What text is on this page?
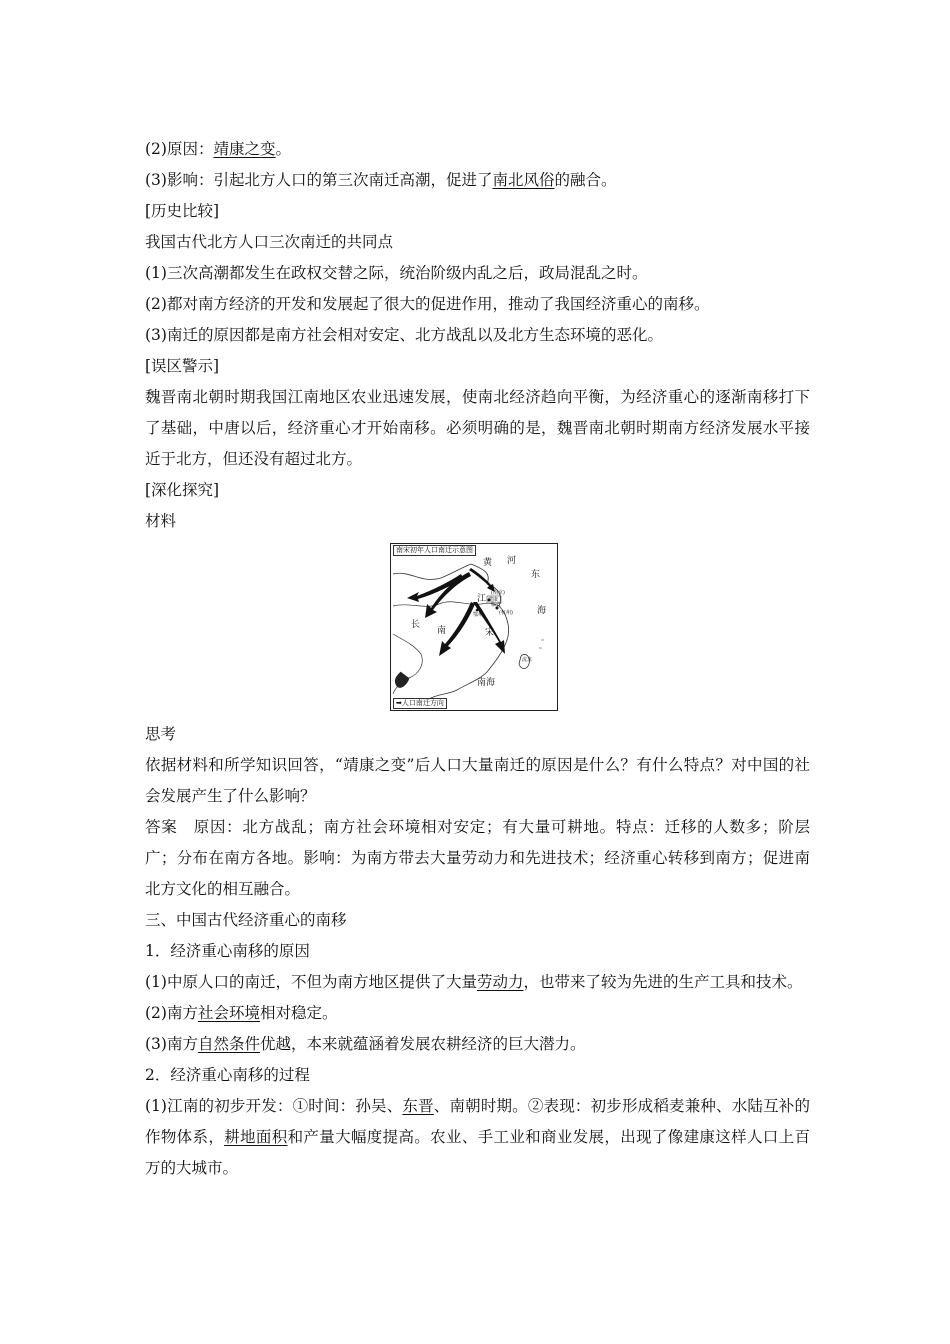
(2)原因：靖康之变。
(3)影响：引起北方人口的第三次南迁高潮，促进了南北风俗的融合。
[历史比较]
我国古代北方人口三次南迁的共同点
(1)三次高潮都发生在政权交替之际，统治阶级内乱之后，政局混乱之时。
(2)都对南方经济的开发和发展起了很大的促进作用，推动了我国经济重心的南移。
(3)南迁的原因都是南方社会相对安定、北方战乱以及北方生态环境的恶化。
[误区警示]
魏晋南北朝时期我国江南地区农业迅速发展，使南北经济趋向平衡，为经济重心的逐渐南移打下了基础，中唐以后，经济重心才开始南移。必须明确的是，魏晋南北朝时期南方经济发展水平接近于北方，但还没有超过北方。
[深化探究]
材料
南宋初年人口南迁示意图
黄 河
东
海
江
临安
长
南	宋
南海
流求
建康
鄂州	(杭州)
(南京)
➡人口南迁方向
思考
依据材料和所学知识回答，“靖康之变”后人口大量南迁的原因是什么？有什么特点？对中国的社会发展产生了什么影响？
答案　原因：北方战乱；南方社会环境相对安定；有大量可耕地。特点：迁移的人数多；阶层广；分布在南方各地。影响：为南方带去大量劳动力和先进技术；经济重心转移到南方；促进南北方文化的相互融合。
三、中国古代经济重心的南移
1．经济重心南移的原因
(1)中原人口的南迁，不但为南方地区提供了大量劳动力，也带来了较为先进的生产工具和技术。
(2)南方社会环境相对稳定。
(3)南方自然条件优越，本来就蕴涵着发展农耕经济的巨大潜力。
2．经济重心南移的过程
(1)江南的初步开发：①时间：孙吴、东晋、南朝时期。②表现：初步形成稻麦兼种、水陆互补的作物体系，耕地面积和产量大幅度提高。农业、手工业和商业发展，出现了像建康这样人口上百万的大城市。
